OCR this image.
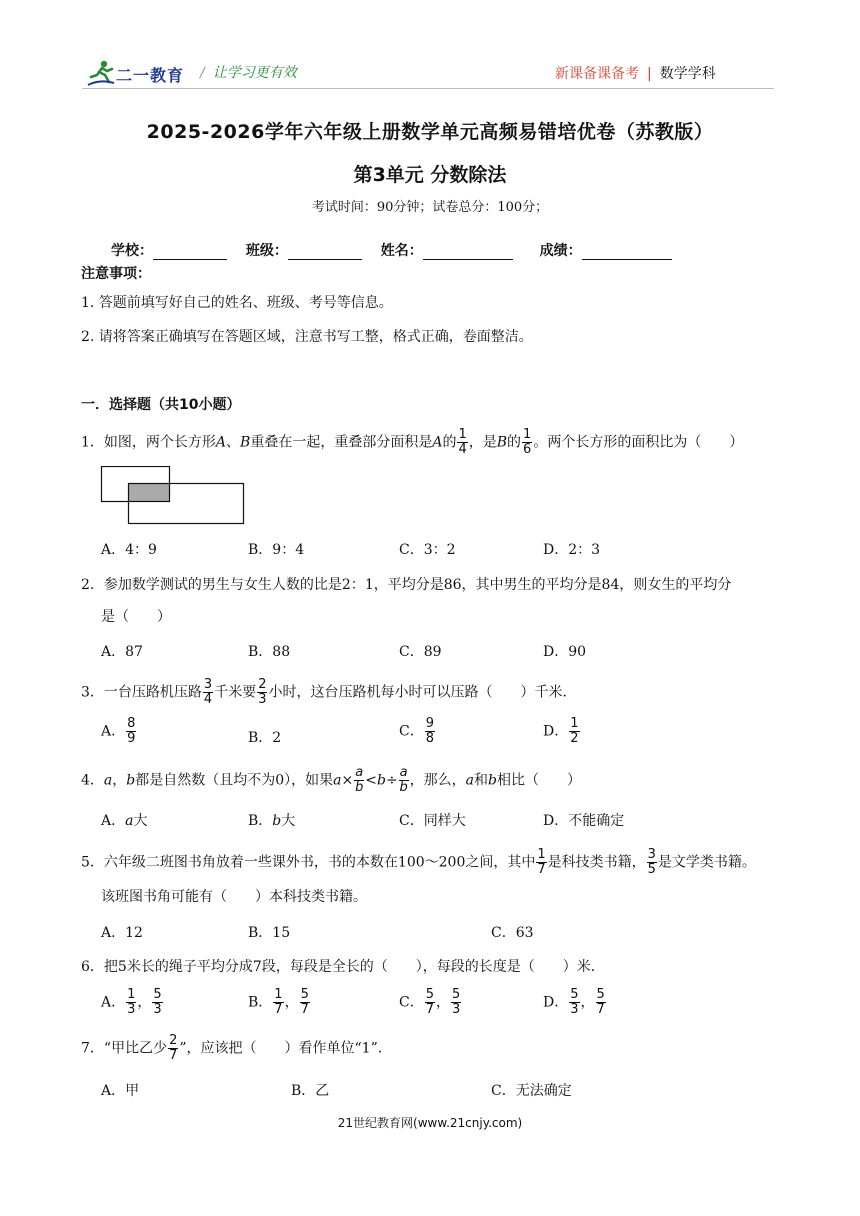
二一教育 / 让学习更有效	新课备课备考 | 数学学科
2025-2026学年六年级上册数学单元高频易错培优卷（苏教版）
第3单元 分数除法
考试时间：90分钟；试卷总分：100分；
学校：	班级：	姓名：	成绩：
注意事项：
1. 答题前填写好自己的姓名、班级、考号等信息。
2. 请将答案正确填写在答题区域，注意书写工整，格式正确，卷面整洁。
一．选择题（共10小题）
1．如图，两个长方形A、B重叠在一起，重叠部分面积是A的 $\frac{1}{4}$ ，是B的 $\frac{1}{6}$ 。两个长方形的面积比为（　　）
A．4：9	B．9：4	C．3：2	D．2：3
2．参加数学测试的男生与女生人数的比是2：1，平均分是86，其中男生的平均分是84，则女生的平均分
是（　　）
A．87	B．88	C．89	D．90
3．一台压路机压路 $\frac{3}{4}$ 千米要 $\frac{2}{3}$ 小时，这台压路机每小时可以压路（　　）千米．
A． $\frac{8}{9}$	B．2	C． $\frac{9}{8}$	D． $\frac{1}{2}$
4．a，b都是自然数（且均不为0），如果$a\times \frac{a}{b} <b\div \frac{a}{b}$ ，那么，a和b相比（　　）
A．a大	B．b大	C．同样大	D．不能确定
5．六年级二班图书角放着一些课外书，书的本数在100～200之间，其中 $\frac{1}{7}$ 是科技类书籍， $\frac{3}{5}$ 是文学类书籍。
该班图书角可能有（　　）本科技类书籍。
A．12	B．15	C．63
6．把5米长的绳子平均分成7段，每段是全长的（　　），每段的长度是（　　）米．
A． $\frac{1}{3}$ ， $\frac{5}{3}$	B． $\frac{1}{7}$ ， $\frac{5}{7}$	C． $\frac{5}{7}$ ， $\frac{5}{3}$	D． $\frac{5}{3}$ ， $\frac{5}{7}$
7．“甲比乙少 $\frac{2}{7}$ ”，应该把（　　）看作单位“1”．
A．甲	B．乙	C．无法确定
21世纪教育网(www.21cnjy.com)
